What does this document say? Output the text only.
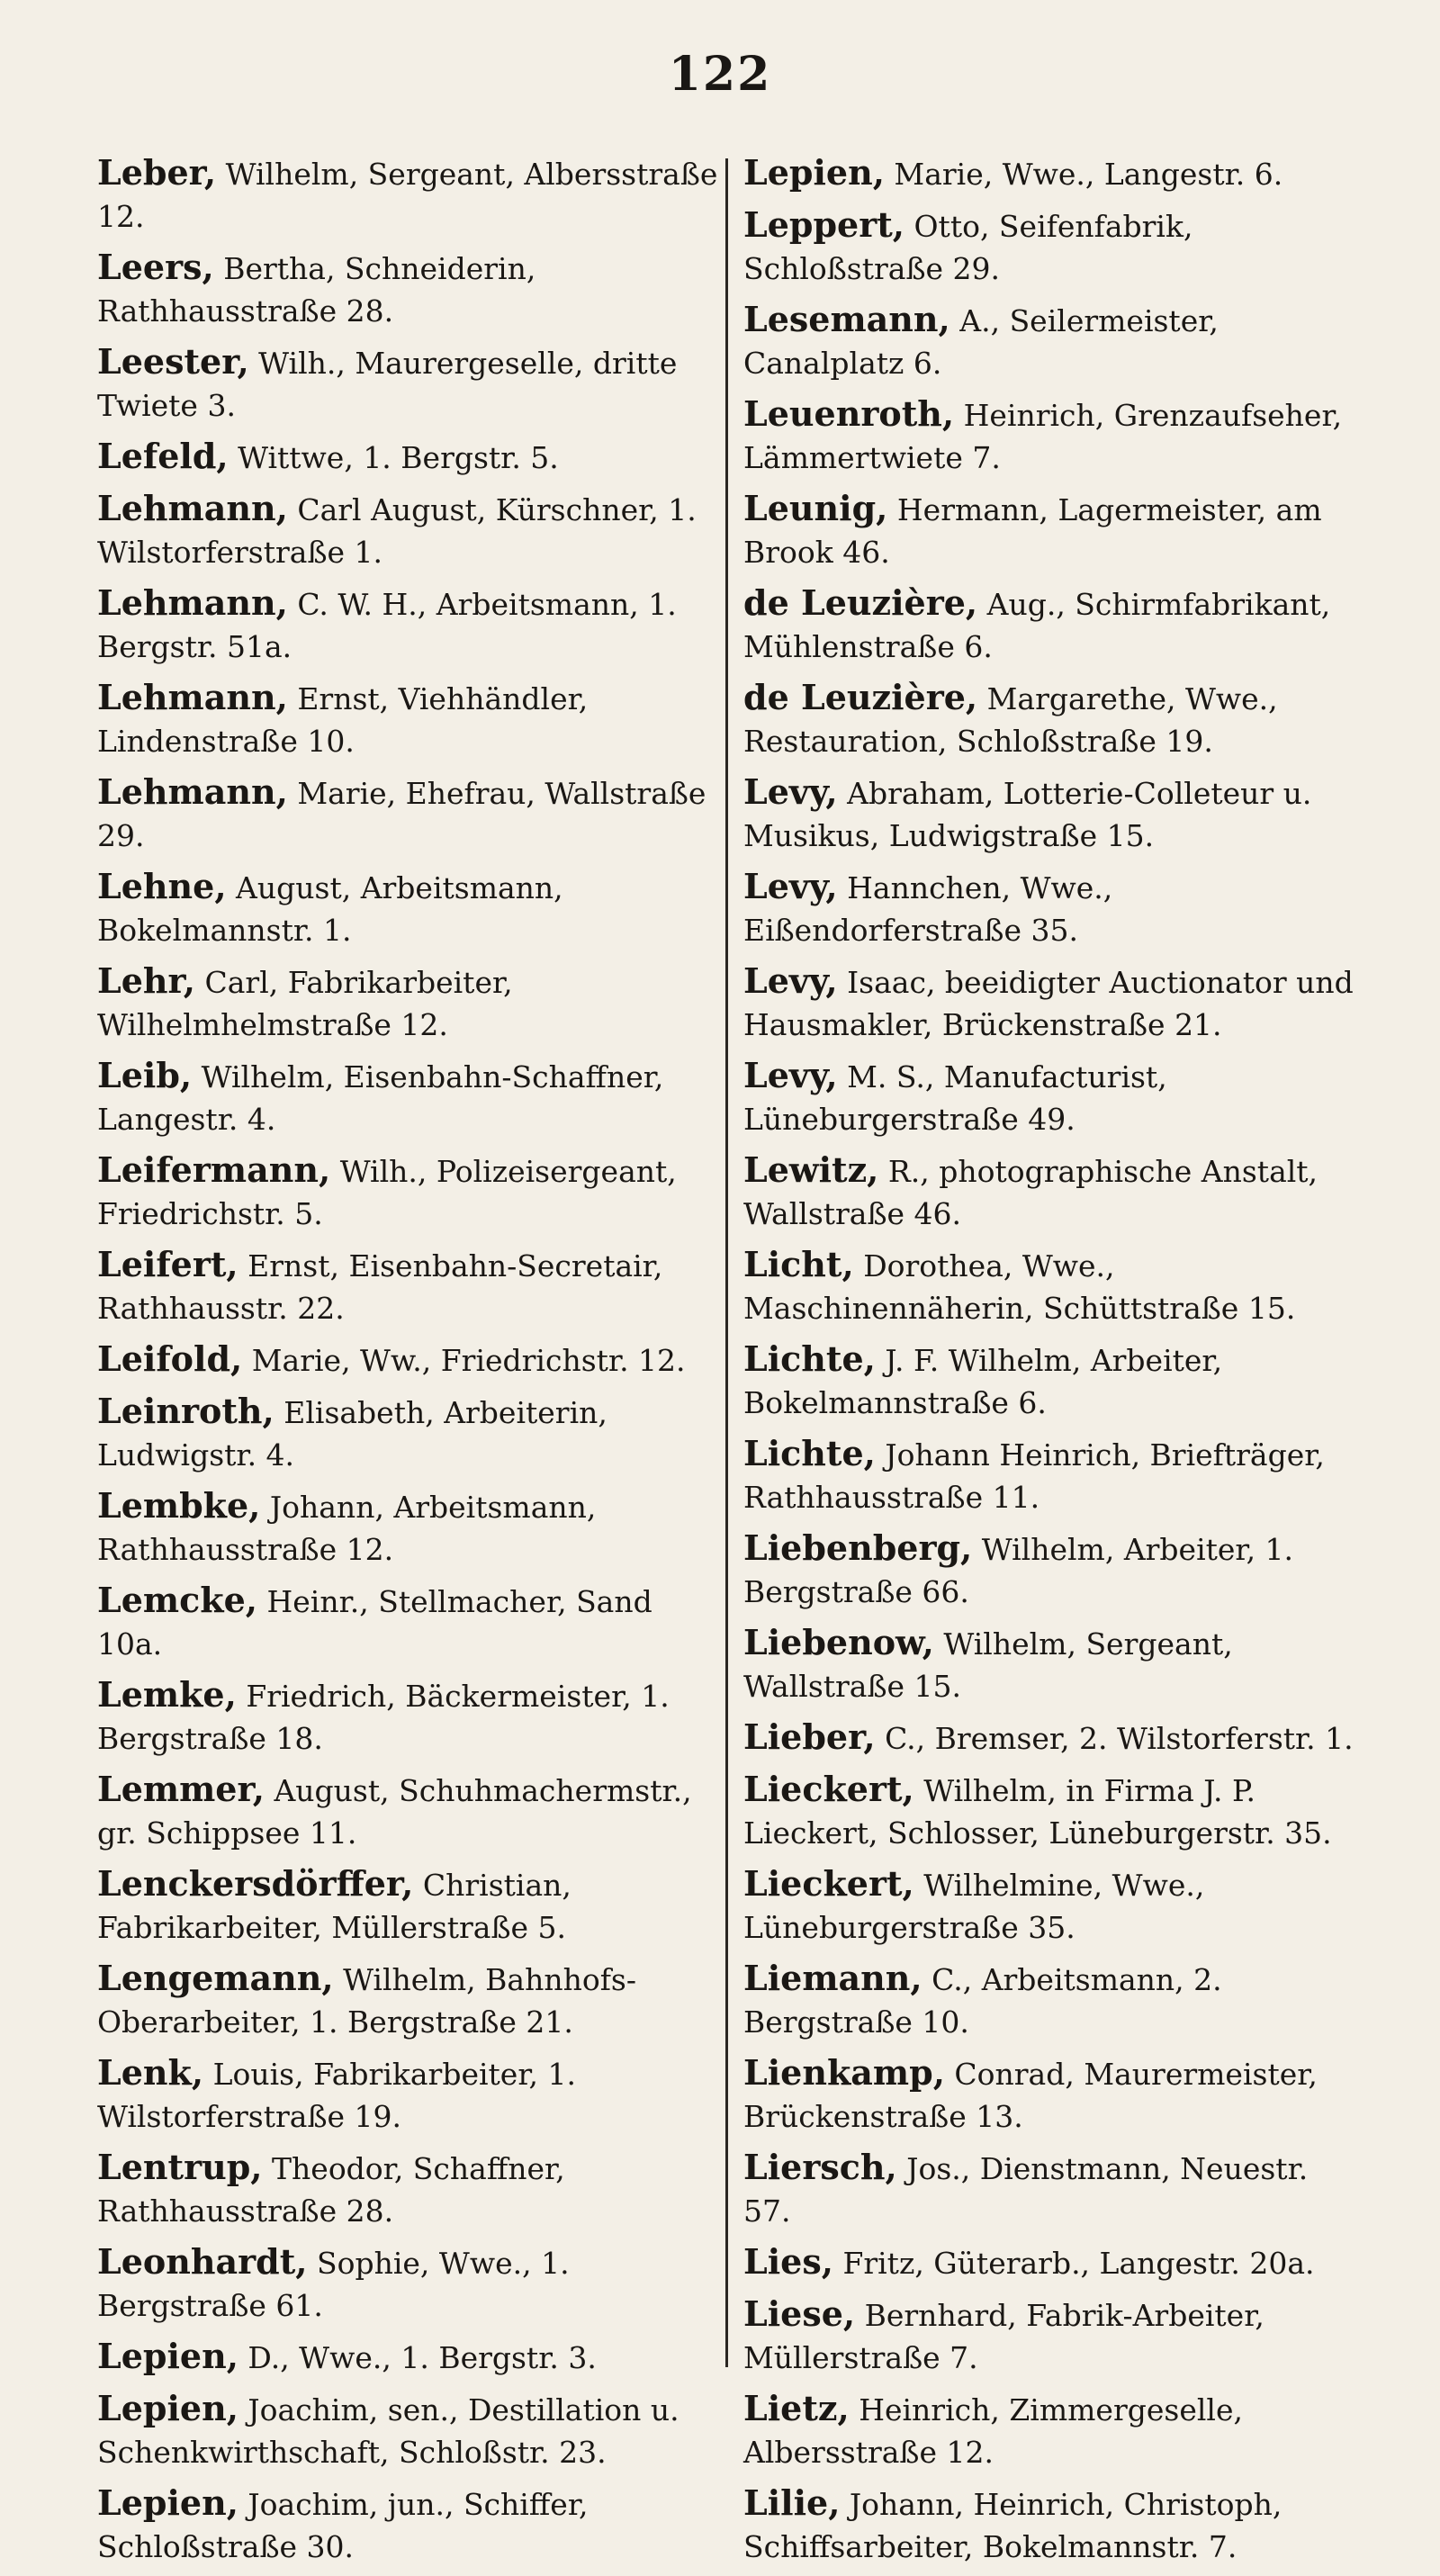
122
Leber, Wilhelm, Sergeant, Albersstraße 12.
Leers, Bertha, Schneiderin, Rathhausstraße 28.
Leester, Wilh., Maurergeselle, dritte Twiete 3.
Lefeld, Wittwe, 1. Bergstr. 5.
Lehmann, Carl August, Kürschner, 1. Wilstorferstraße 1.
Lehmann, C. W. H., Arbeitsmann, 1. Bergstr. 51a.
Lehmann, Ernst, Viehhändler, Lindenstraße 10.
Lehmann, Marie, Ehefrau, Wallstraße 29.
Lehne, August, Arbeitsmann, Bokelmannstr. 1.
Lehr, Carl, Fabrikarbeiter, Wilhelmhelmstraße 12.
Leib, Wilhelm, Eisenbahn-Schaffner, Langestr. 4.
Leifermann, Wilh., Polizeisergeant, Friedrichstr. 5.
Leifert, Ernst, Eisenbahn-Secretair, Rathhausstr. 22.
Leifold, Marie, Ww., Friedrichstr. 12.
Leinroth, Elisabeth, Arbeiterin, Ludwigstr. 4.
Lembke, Johann, Arbeitsmann, Rathhausstraße 12.
Lemcke, Heinr., Stellmacher, Sand 10a.
Lemke, Friedrich, Bäckermeister, 1. Bergstraße 18.
Lemmer, August, Schuhmachermstr., gr. Schippsee 11.
Lenckersdörffer, Christian, Fabrikarbeiter, Müllerstraße 5.
Lengemann, Wilhelm, Bahnhofs-Oberarbeiter, 1. Bergstraße 21.
Lenk, Louis, Fabrikarbeiter, 1. Wilstorferstraße 19.
Lentrup, Theodor, Schaffner, Rathhausstraße 28.
Leonhardt, Sophie, Wwe., 1. Bergstraße 61.
Lepien, D., Wwe., 1. Bergstr. 3.
Lepien, Joachim, sen., Destillation u. Schenkwirthschaft, Schloßstr. 23.
Lepien, Joachim, jun., Schiffer, Schloßstraße 30.
Lepien, Marie, Wwe., Langestr. 6.
Leppert, Otto, Seifenfabrik, Schloßstraße 29.
Lesemann, A., Seilermeister, Canalplatz 6.
Leuenroth, Heinrich, Grenzaufseher, Lämmertwiete 7.
Leunig, Hermann, Lagermeister, am Brook 46.
de Leuzière, Aug., Schirmfabrikant, Mühlenstraße 6.
de Leuzière, Margarethe, Wwe., Restauration, Schloßstraße 19.
Levy, Abraham, Lotterie-Colleteur u. Musikus, Ludwigstraße 15.
Levy, Hannchen, Wwe., Eißendorferstraße 35.
Levy, Isaac, beeidigter Auctionator und Hausmakler, Brückenstraße 21.
Levy, M. S., Manufacturist, Lüneburgerstraße 49.
Lewitz, R., photographische Anstalt, Wallstraße 46.
Licht, Dorothea, Wwe., Maschinennäherin, Schüttstraße 15.
Lichte, J. F. Wilhelm, Arbeiter, Bokelmannstraße 6.
Lichte, Johann Heinrich, Briefträger, Rathhausstraße 11.
Liebenberg, Wilhelm, Arbeiter, 1. Bergstraße 66.
Liebenow, Wilhelm, Sergeant, Wallstraße 15.
Lieber, C., Bremser, 2. Wilstorferstr. 1.
Lieckert, Wilhelm, in Firma J. P. Lieckert, Schlosser, Lüneburgerstr. 35.
Lieckert, Wilhelmine, Wwe., Lüneburgerstraße 35.
Liemann, C., Arbeitsmann, 2. Bergstraße 10.
Lienkamp, Conrad, Maurermeister, Brückenstraße 13.
Liersch, Jos., Dienstmann, Neuestr. 57.
Lies, Fritz, Güterarb., Langestr. 20a.
Liese, Bernhard, Fabrik-Arbeiter, Müllerstraße 7.
Lietz, Heinrich, Zimmergeselle, Albersstraße 12.
Lilie, Johann, Heinrich, Christoph, Schiffsarbeiter, Bokelmannstr. 7.
